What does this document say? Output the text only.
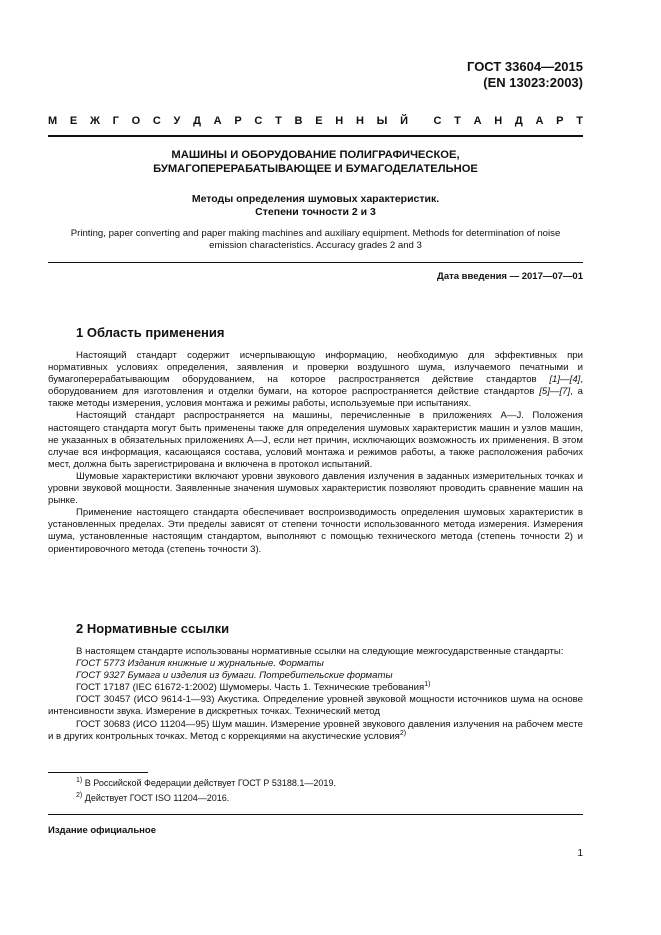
ГОСТ 33604—2015
(EN 13023:2003)
М Е Ж Г О С У Д А Р С Т В Е Н Н Ы Й С Т А Н Д А Р Т
МАШИНЫ И ОБОРУДОВАНИЕ ПОЛИГРАФИЧЕСКОЕ,
БУМАГОПЕРЕРАБАТЫВАЮЩЕЕ И БУМАГОДЕЛАТЕЛЬНОЕ
Методы определения шумовых характеристик.
Степени точности 2 и 3
Printing, paper converting and paper making machines and auxiliary equipment. Methods for determination of noise
emission characteristics. Accuracy grades 2 and 3
Дата введения — 2017—07—01
1 Область применения

Настоящий стандарт содержит исчерпывающую информацию, необходимую для эффективных при нормативных условиях определения, заявления и проверки воздушного шума, излучаемого печатными и бумагоперерабатывающим оборудованием, на которое распространяется действие стандартов [1]—[4], оборудованием для изготовления и отделки бумаги, на которое распространяется действие стандартов [5]—[7], а также методы измерения, условия монтажа и режимы работы, используемые при испытаниях.

Настоящий стандарт распространяется на машины, перечисленные в приложениях А—J. Положения настоящего стандарта могут быть применены также для определения шумовых характеристик машин и узлов машин, не указанных в обязательных приложениях А—J, если нет причин, исключающих возможность их применения. В этом случае вся информация, касающаяся состава, условий монтажа и режимов работы, а также расположения рабочих мест, должна быть зарегистрирована и включена в протокол испытаний.

Шумовые характеристики включают уровни звукового давления излучения в заданных измерительных точках и уровни звуковой мощности. Заявленные значения шумовых характеристик позволяют проводить сравнение машин на рынке.

Применение настоящего стандарта обеспечивает воспроизводимость определения шумовых характеристик в установленных пределах. Эти пределы зависят от степени точности использованного метода измерения. Измерения шума, установленные настоящим стандартом, выполняют с помощью технического метода (степень точности 2) и ориентировочного метода (степень точности 3).

2 Нормативные ссылки

В настоящем стандарте использованы нормативные ссылки на следующие межгосударственные стандарты:

ГОСТ 5773 Издания книжные и журнальные. Форматы

ГОСТ 9327 Бумага и изделия из бумаги. Потребительские форматы

ГОСТ 17187 (IEC 61672-1:2002) Шумомеры. Часть 1. Технические требования$^{1)}$

ГОСТ 30457 (ИСО 9614-1—93) Акустика. Определение уровней звуковой мощности источников шума на основе интенсивности звука. Измерение в дискретных точках. Технический метод

ГОСТ 30683 (ИСО 11204—95) Шум машин. Измерение уровней звукового давления излучения на рабочем месте и в других контрольных точках. Метод с коррекциями на акустические условия$^{2)}$

$^{1)}$ В Российской Федерации действует ГОСТ Р 53188.1—2019.

$^{2)}$ Действует ГОСТ ISO 11204—2016.

Издание официальное
1
